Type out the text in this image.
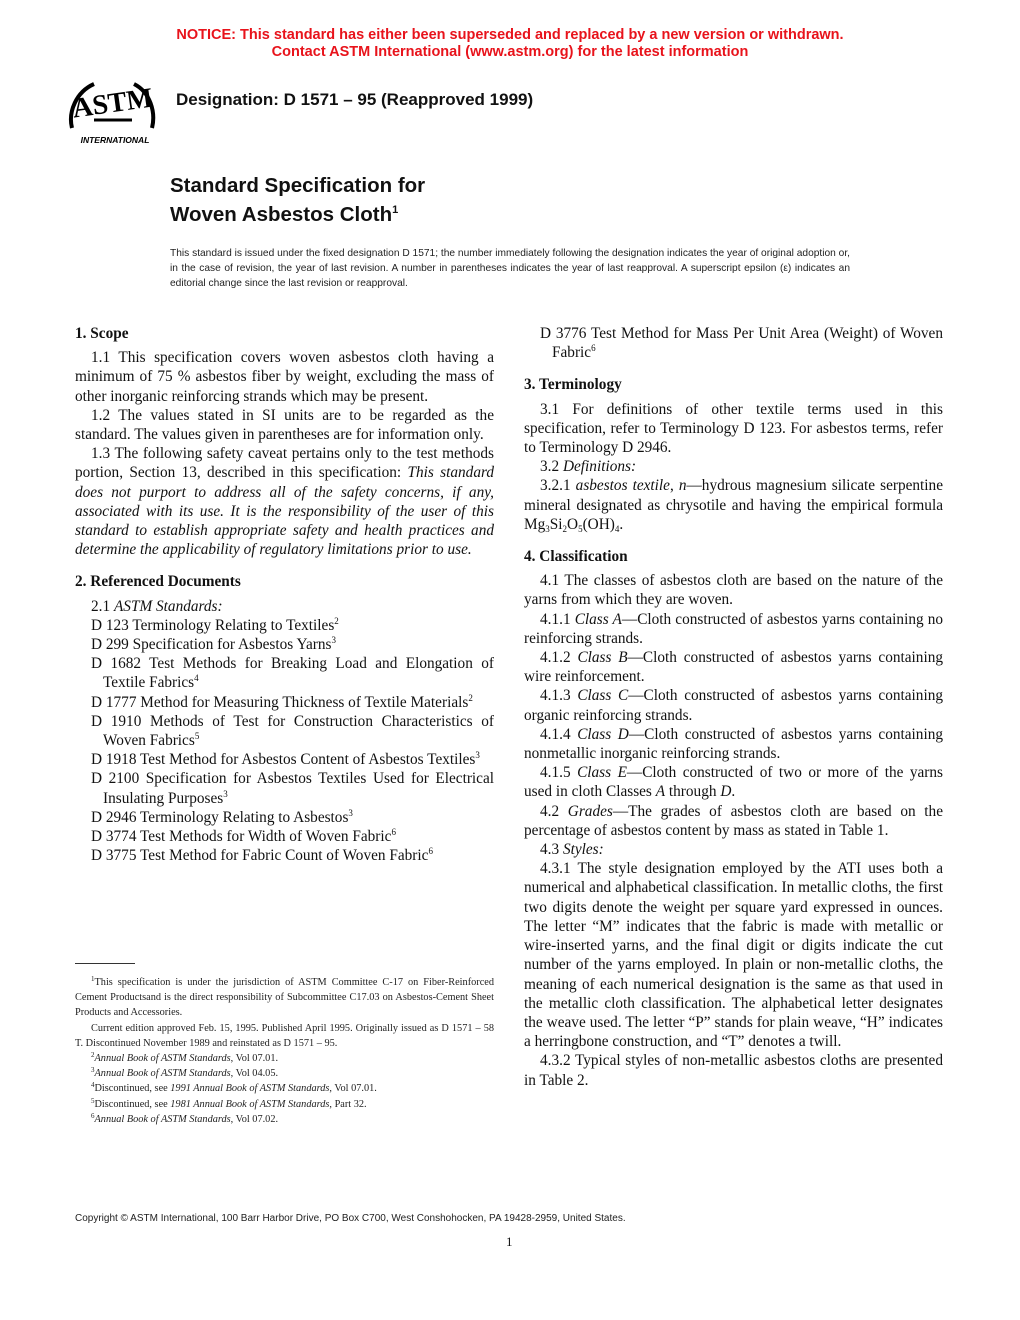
NOTICE: This standard has either been superseded and replaced by a new version or withdrawn.
Contact ASTM International (www.astm.org) for the latest information
ASTM
INTERNATIONAL
Designation: D 1571 – 95 (Reapproved 1999)
Standard Specification for
Woven Asbestos Cloth$^1$
This standard is issued under the fixed designation D 1571; the number immediately following the designation indicates the year of original adoption or, in the case of revision, the year of last revision. A number in parentheses indicates the year of last reapproval. A superscript epsilon (ε) indicates an editorial change since the last revision or reapproval.
1. Scope

1.1 This specification covers woven asbestos cloth having a minimum of 75 % asbestos fiber by weight, excluding the mass of other inorganic reinforcing strands which may be present.

1.2 The values stated in SI units are to be regarded as the standard. The values given in parentheses are for information only.

1.3 The following safety caveat pertains only to the test methods portion, Section 13, described in this specification: This standard does not purport to address all of the safety concerns, if any, associated with its use. It is the responsibility of the user of this standard to establish appropriate safety and health practices and determine the applicability of regulatory limitations prior to use.

2. Referenced Documents

2.1 ASTM Standards:

D 123 Terminology Relating to Textiles$^2$

D 299 Specification for Asbestos Yarns$^3$

D 1682 Test Methods for Breaking Load and Elongation of Textile Fabrics$^4$

D 1777 Method for Measuring Thickness of Textile Materials$^2$

D 1910 Methods of Test for Construction Characteristics of Woven Fabrics$^5$

D 1918 Test Method for Asbestos Content of Asbestos Textiles$^3$

D 2100 Specification for Asbestos Textiles Used for Electrical Insulating Purposes$^3$

D 2946 Terminology Relating to Asbestos$^3$

D 3774 Test Methods for Width of Woven Fabric$^6$

D 3775 Test Method for Fabric Count of Woven Fabric$^6$

D 3776 Test Method for Mass Per Unit Area (Weight) of Woven Fabric$^6$

3. Terminology

3.1 For definitions of other textile terms used in this specification, refer to Terminology D 123. For asbestos terms, refer to Terminology D 2946.

3.2 Definitions:

3.2.1 asbestos textile, n—hydrous magnesium silicate serpentine mineral designated as chrysotile and having the empirical formula $Mg_3Si_2O_5(OH)_4$.

4. Classification

4.1 The classes of asbestos cloth are based on the nature of the yarns from which they are woven.

4.1.1 Class A—Cloth constructed of asbestos yarns containing no reinforcing strands.

4.1.2 Class B—Cloth constructed of asbestos yarns containing wire reinforcement.

4.1.3 Class C—Cloth constructed of asbestos yarns containing organic reinforcing strands.

4.1.4 Class D—Cloth constructed of asbestos yarns containing nonmetallic inorganic reinforcing strands.

4.1.5 Class E—Cloth constructed of two or more of the yarns used in cloth Classes A through D.

4.2 Grades—The grades of asbestos cloth are based on the percentage of asbestos content by mass as stated in Table 1.

4.3 Styles:

4.3.1 The style designation employed by the ATI uses both a numerical and alphabetical classification. In metallic cloths, the first two digits denote the weight per square yard expressed in ounces. The letter “M” indicates that the fabric is made with metallic or wire-inserted yarns, and the final digit or digits indicate the cut number of the yarns employed. In plain or non-metallic cloths, the meaning of each numerical designation is the same as that used in the metallic cloth classification. The alphabetical letter designates the weave used. The letter “P” stands for plain weave, “H” indicates a herringbone construction, and “T” denotes a twill.

4.3.2 Typical styles of non-metallic asbestos cloths are presented in Table 2.

$^1$This specification is under the jurisdiction of ASTM Committee C-17 on Fiber-Reinforced Cement Productsand is the direct responsibility of Subcommittee C17.03 on Asbestos-Cement Sheet Products and Accessories.

Current edition approved Feb. 15, 1995. Published April 1995. Originally issued as D 1571 – 58 T. Discontinued November 1989 and reinstated as D 1571 – 95.

$^2$Annual Book of ASTM Standards, Vol 07.01.

$^3$Annual Book of ASTM Standards, Vol 04.05.

$^4$Discontinued, see 1991 Annual Book of ASTM Standards, Vol 07.01.

$^5$Discontinued, see 1981 Annual Book of ASTM Standards, Part 32.

$^6$Annual Book of ASTM Standards, Vol 07.02.

Copyright © ASTM International, 100 Barr Harbor Drive, PO Box C700, West Conshohocken, PA 19428-2959, United States.
1
